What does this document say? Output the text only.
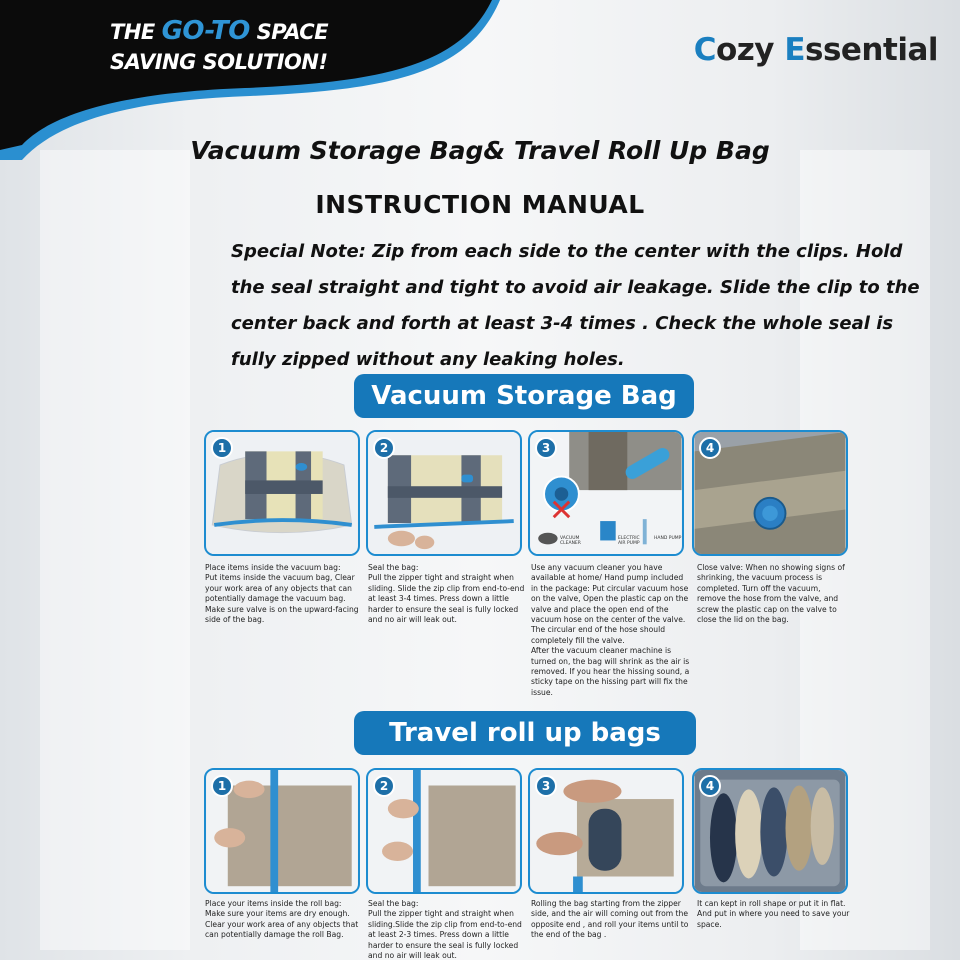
THE GO-TO SPACE
SAVING SOLUTION!	Cozy Essential
Vacuum Storage Bag& Travel Roll Up Bag
INSTRUCTION MANUAL
Special Note: Zip from each side to the center with the clips. Hold the seal straight and tight to avoid air leakage. Slide the clip to the center back and forth at least 3-4 times . Check the whole seal is fully zipped without any leaking holes.
Vacuum Storage Bag
1	2	3
VACUUM CLEANER
ELECTRIC AIR PUMP
HAND PUMP
4
Place items inside the vacuum bag:
Put items inside the vacuum bag, Clear your work area of any objects that can potentially damage the vacuum bag. Make sure valve is on the upward-facing side of the bag.
Seal the bag:
Pull the zipper tight and straight when sliding. Slide the zip clip from end-to-end at least 3-4 times. Press down a little harder to ensure the seal is fully locked and no air will leak out.
Use any vacuum cleaner you have available at home/ Hand pump included in the package: Put circular vacuum hose on the valve, Open the plastic cap on the valve and place the open end of the vacuum hose on the center of the valve. The circular end of the hose should completely fill the valve.
After the vacuum cleaner machine is turned on, the bag will shrink as the air is removed. If you hear the hissing sound, a sticky tape on the hissing part will fix the issue.
Close valve: When no showing signs of shrinking, the vacuum process is completed. Turn off the vacuum, remove the hose from the valve, and screw the plastic cap on the valve to close the lid on the bag.
Travel roll up bags
1	2	3	4
Place your items inside the roll bag:
Make sure your items are dry enough. Clear your work area of any objects that can potentially damage the roll Bag.
Seal the bag:
Pull the zipper tight and straight when sliding.Slide the zip clip from end-to-end at least 2-3 times. Press down a little harder to ensure the seal is fully locked and no air will leak out.
Rolling the bag starting from the zipper side, and the air will coming out from the opposite end , and roll your items until to the end of the bag .
It can kept in roll shape or put it in flat. And put in where you need to save your space.
